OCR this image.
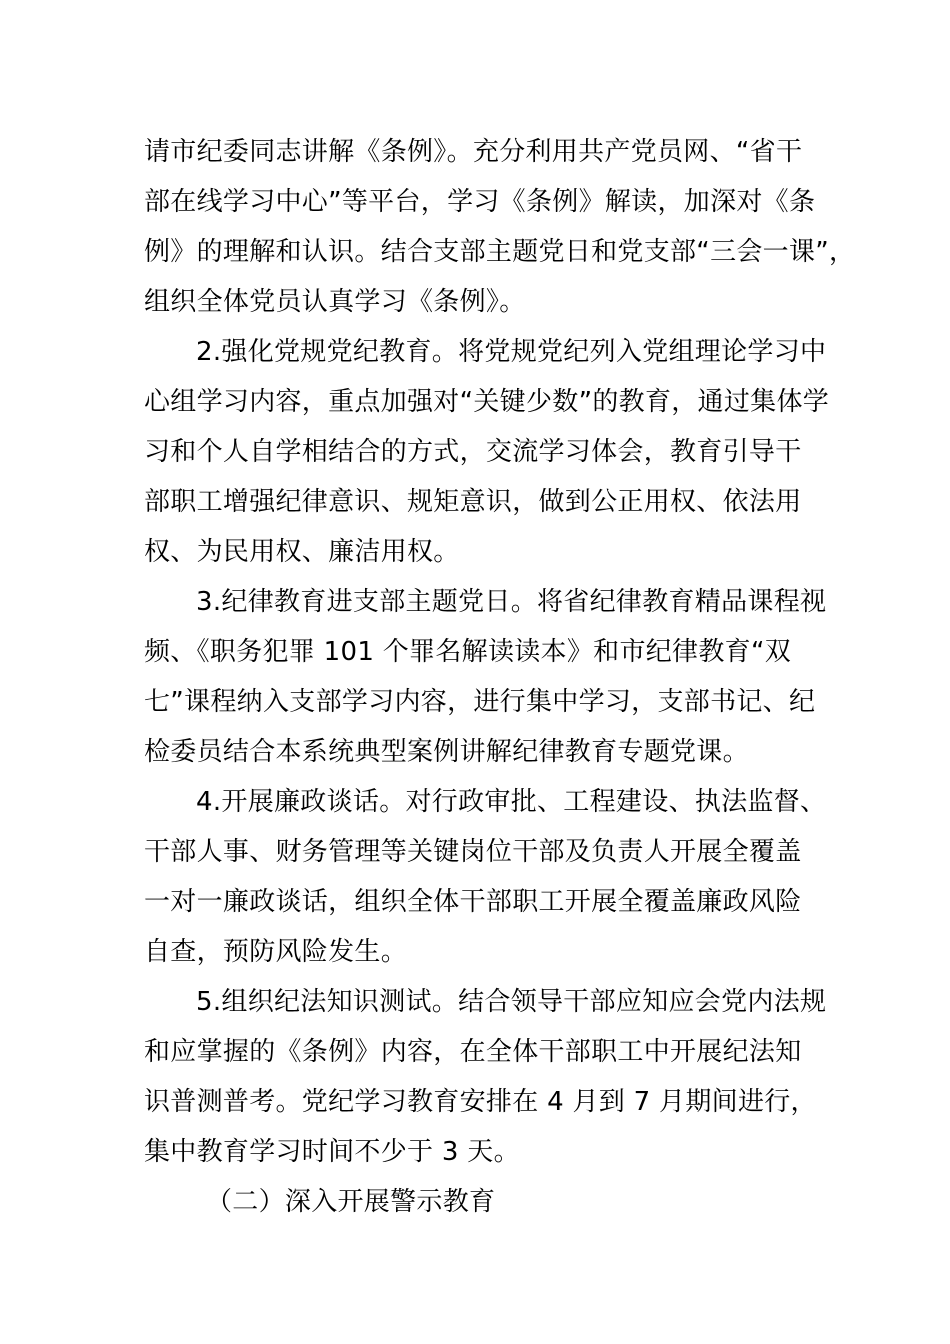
请市纪委同志讲解《条例》。充分利用共产党员网、“省干
部在线学习中心”等平台，学习《条例》解读，加深对《条
例》的理解和认识。结合支部主题党日和党支部“三会一课”，
组织全体党员认真学习《条例》。
2.强化党规党纪教育。将党规党纪列入党组理论学习中
心组学习内容，重点加强对“关键少数”的教育，通过集体学
习和个人自学相结合的方式，交流学习体会，教育引导干
部职工增强纪律意识、规矩意识，做到公正用权、依法用
权、为民用权、廉洁用权。
3.纪律教育进支部主题党日。将省纪律教育精品课程视
频、《职务犯罪 101 个罪名解读读本》和市纪律教育“双
七”课程纳入支部学习内容，进行集中学习，支部书记、纪
检委员结合本系统典型案例讲解纪律教育专题党课。
4.开展廉政谈话。对行政审批、工程建设、执法监督、
干部人事、财务管理等关键岗位干部及负责人开展全覆盖
一对一廉政谈话，组织全体干部职工开展全覆盖廉政风险
自查，预防风险发生。
5.组织纪法知识测试。结合领导干部应知应会党内法规
和应掌握的《条例》内容，在全体干部职工中开展纪法知
识普测普考。党纪学习教育安排在 4 月到 7 月期间进行，
集中教育学习时间不少于 3 天。
（二）深入开展警示教育
